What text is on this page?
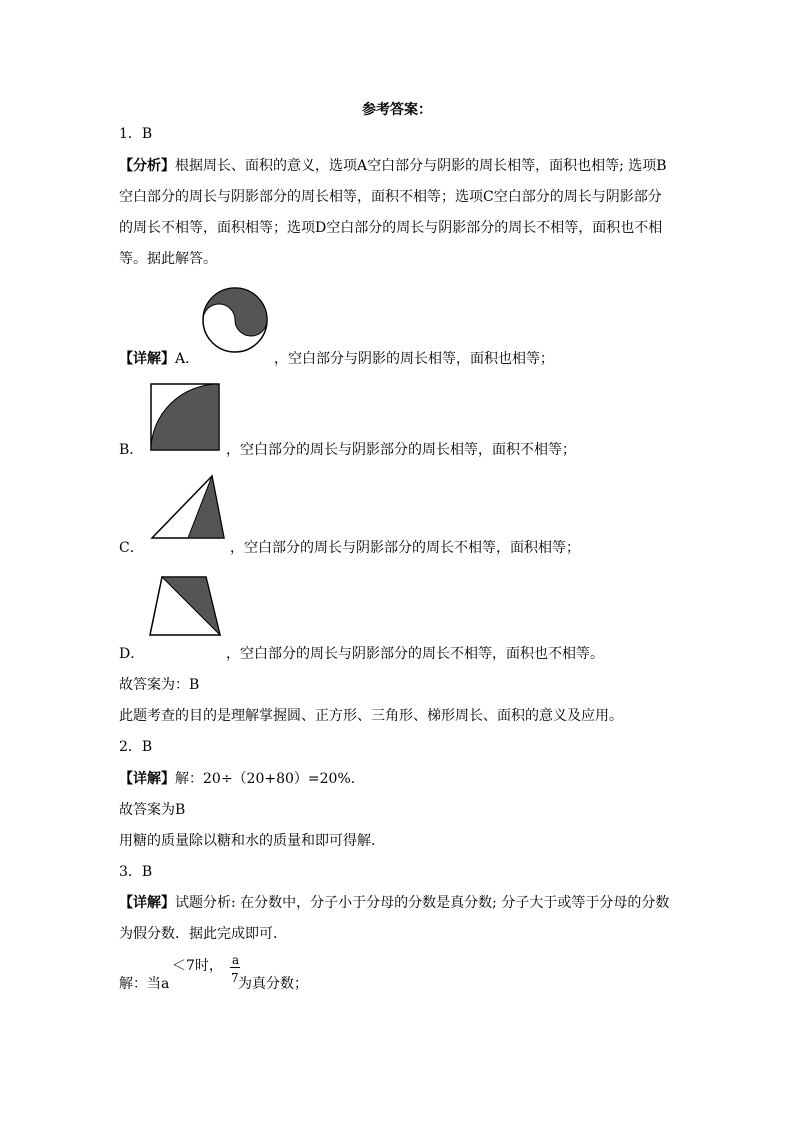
参考答案：
1．B
【分析】根据周长、面积的意义，选项A空白部分与阴影的周长相等，面积也相等; 选项B
空白部分的周长与阴影部分的周长相等，面积不相等；选项C空白部分的周长与阴影部分
的周长不相等，面积相等；选项D空白部分的周长与阴影部分的周长不相等，面积也不相
等。据此解答。
【详解】A．	，空白部分与阴影的周长相等，面积也相等；
B．	，空白部分的周长与阴影部分的周长相等，面积不相等；
C．	，空白部分的周长与阴影部分的周长不相等，面积相等；
D．	，空白部分的周长与阴影部分的周长不相等，面积也不相等。
故答案为：B
此题考查的目的是理解掌握圆、正方形、三角形、梯形周长、面积的意义及应用。
2．B
【详解】解：20÷（20+80）=20%.
故答案为B
用糖的质量除以糖和水的质量和即可得解.
3．B
【详解】试题分析: 在分数中，分子小于分母的分数是真分数; 分子大于或等于分母的分数
为假分数．据此完成即可．
解：当a
＜7时， a
7 为真分数；
